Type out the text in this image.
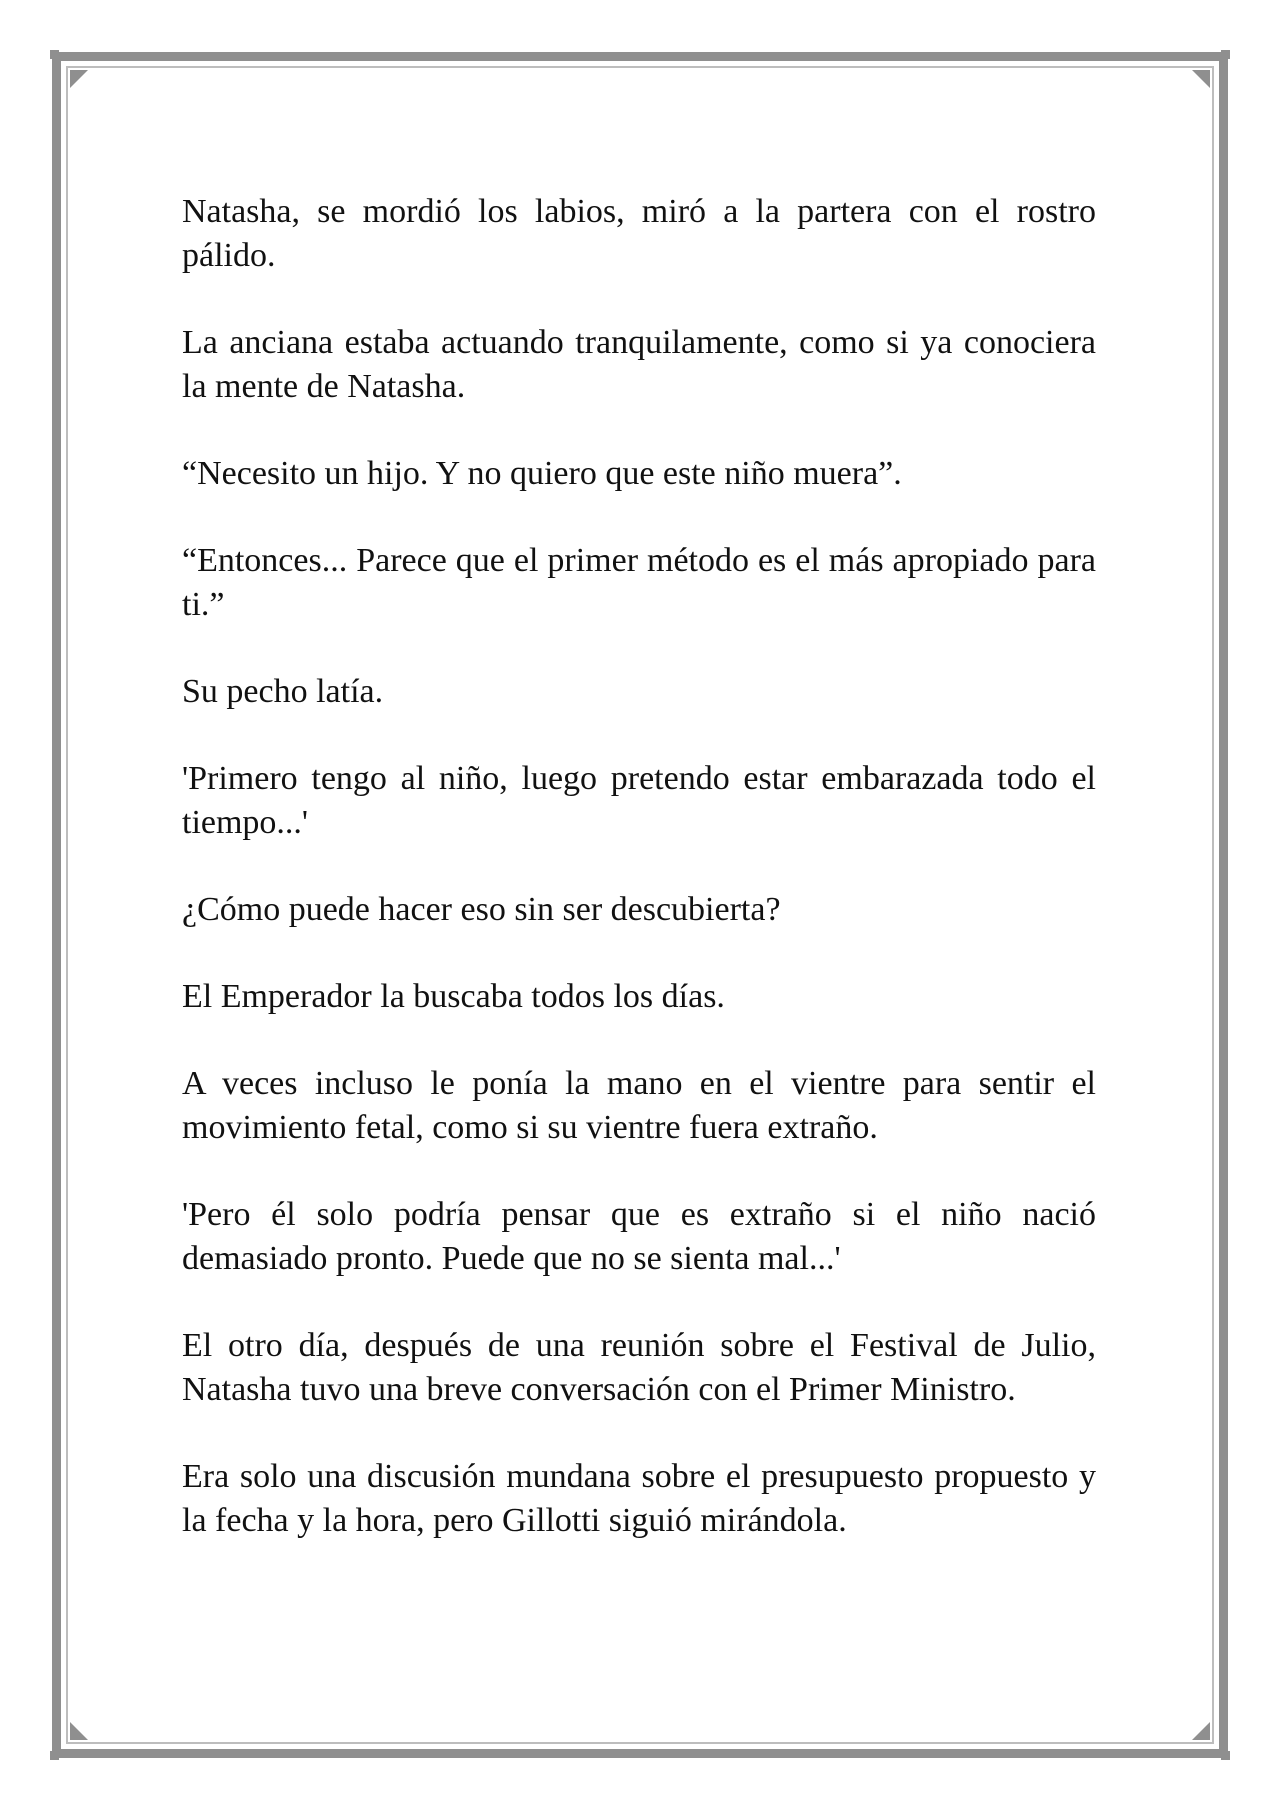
Natasha, se mordió los labios, miró a la partera con el rostro pálido.

La anciana estaba actuando tranquilamente, como si ya conociera la mente de Natasha.

“Necesito un hijo. Y no quiero que este niño muera”.

“Entonces... Parece que el primer método es el más apropiado para ti.”

Su pecho latía.

'Primero tengo al niño, luego pretendo estar embarazada todo el tiempo...'

¿Cómo puede hacer eso sin ser descubierta?

El Emperador la buscaba todos los días.

A veces incluso le ponía la mano en el vientre para sentir el movimiento fetal, como si su vientre fuera extraño.

'Pero él solo podría pensar que es extraño si el niño nació demasiado pronto. Puede que no se sienta mal...'

El otro día, después de una reunión sobre el Festival de Julio, Natasha tuvo una breve conversación con el Primer Ministro.

Era solo una discusión mundana sobre el presupuesto propuesto y la fecha y la hora, pero Gillotti siguió mirándola.
